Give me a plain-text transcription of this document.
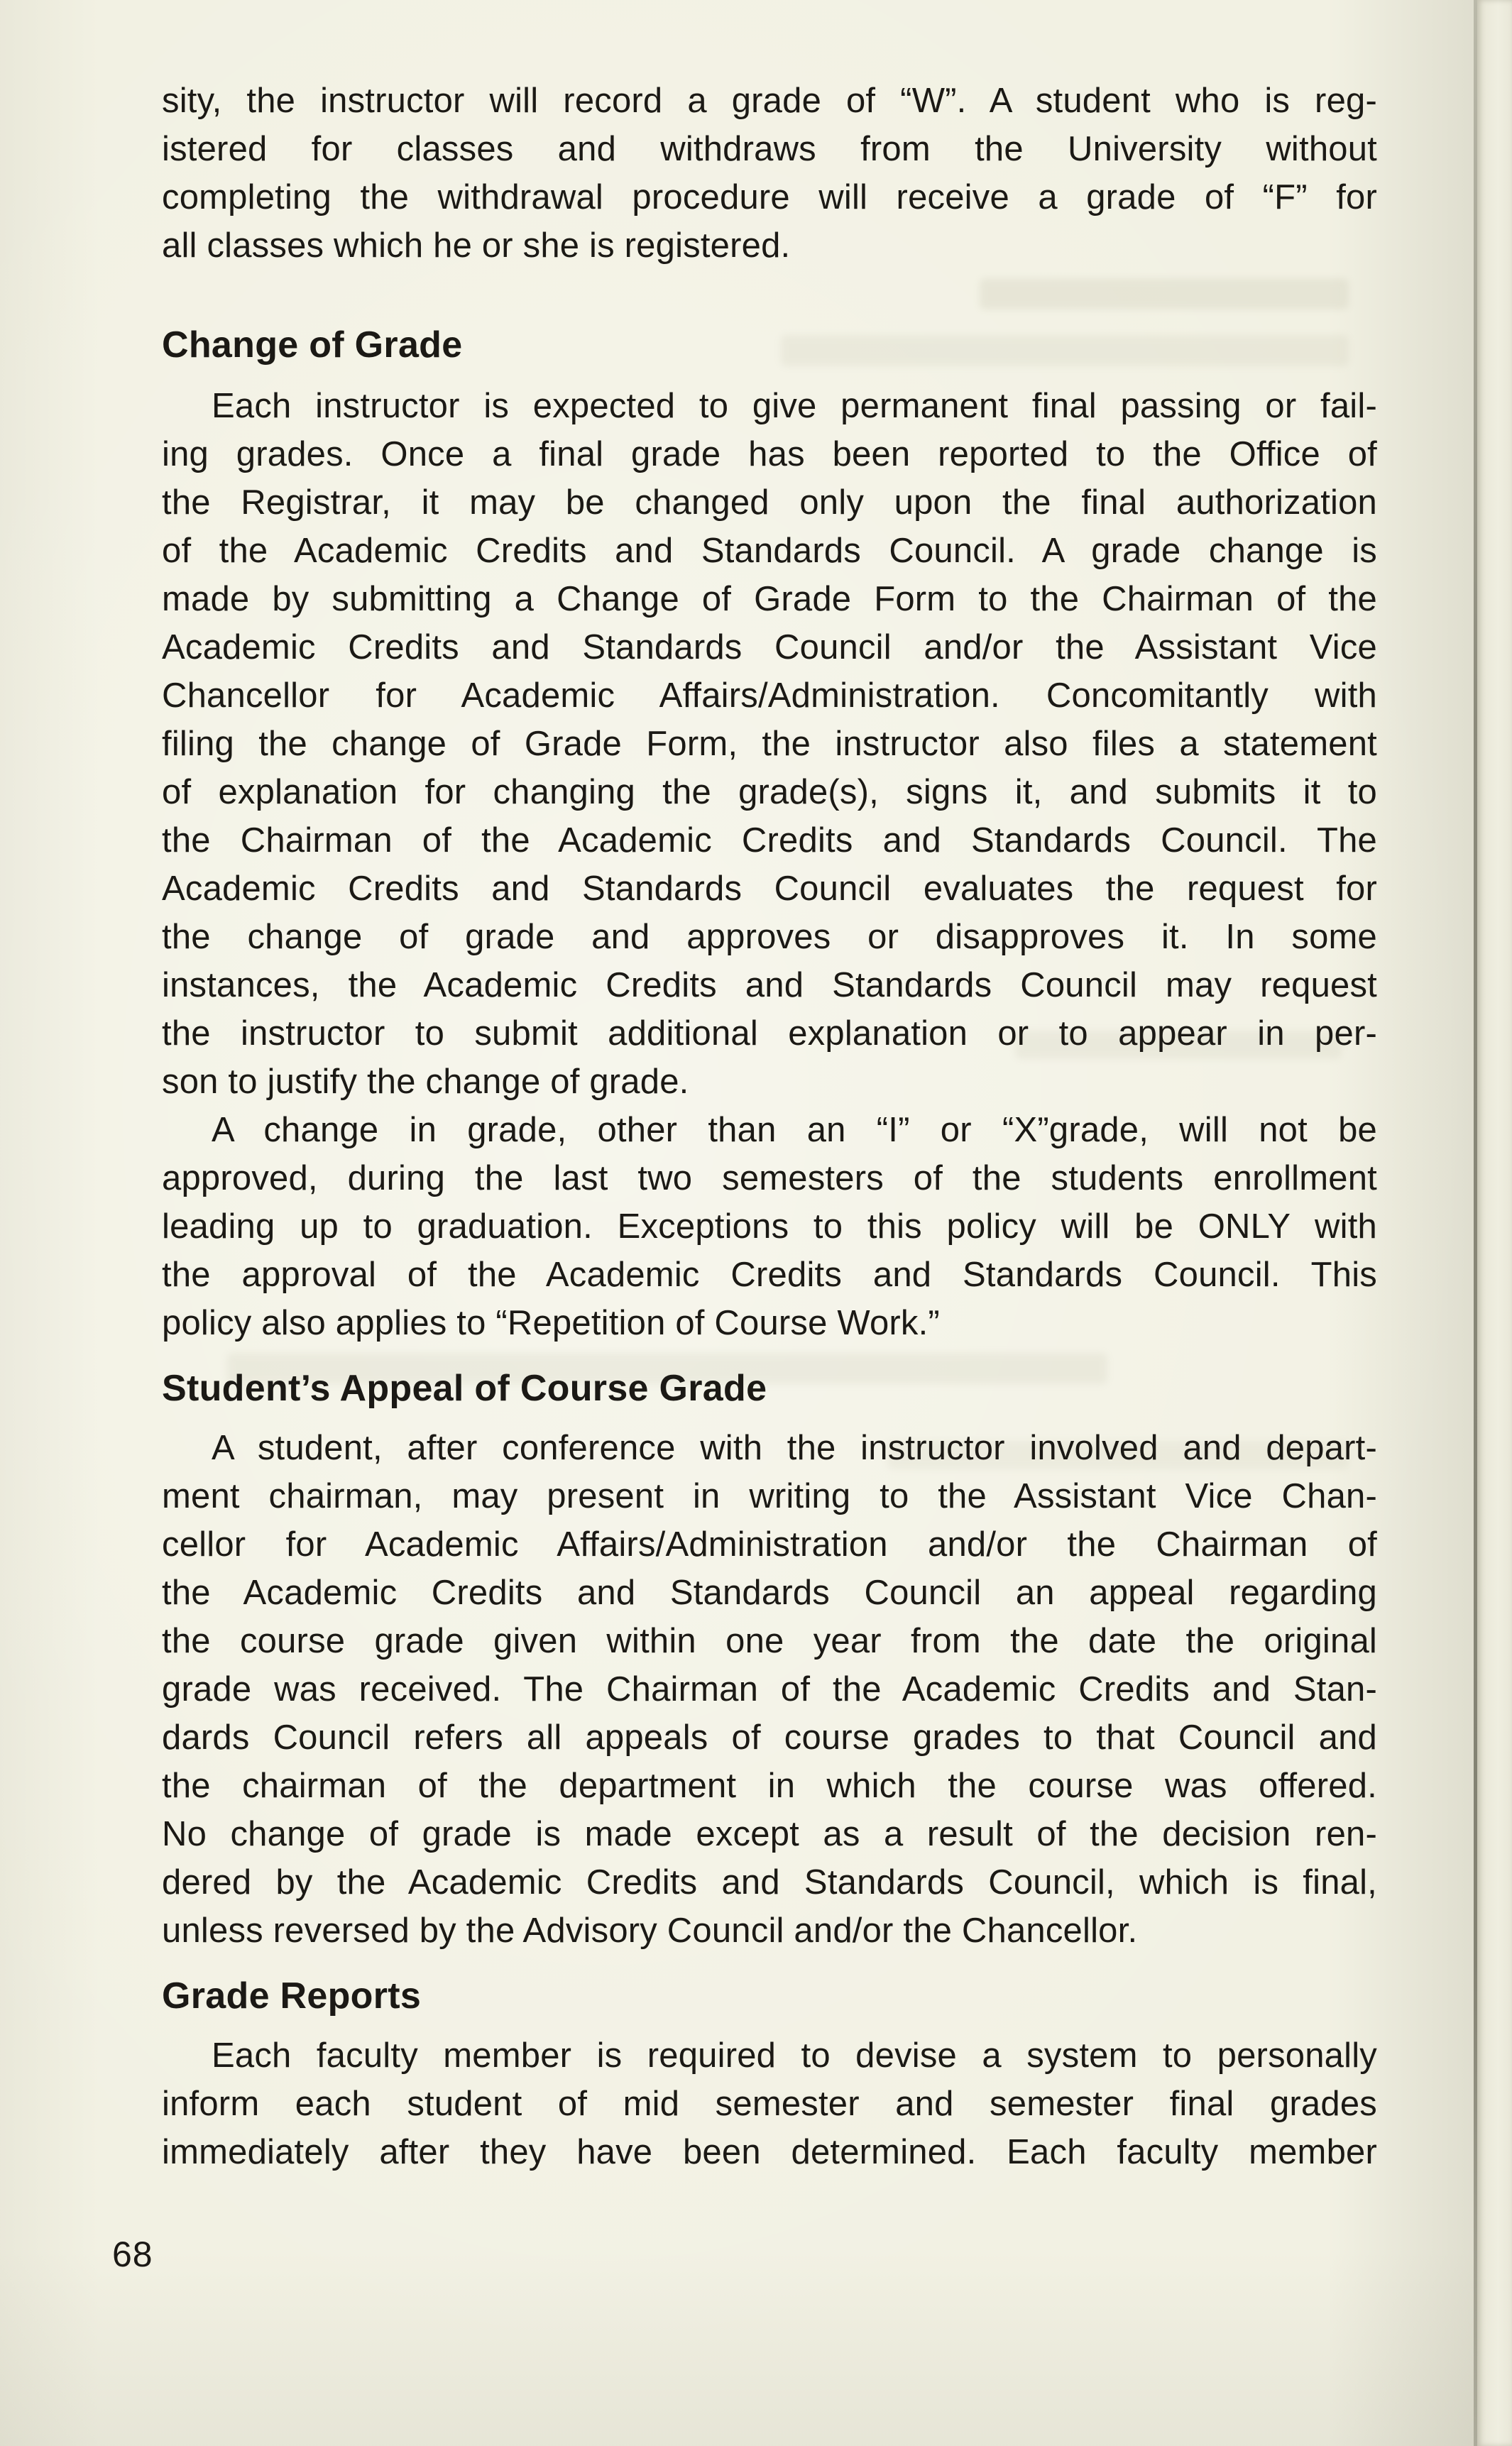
sity, the instructor will record a grade of “W”. A student who is reg-
istered for classes and withdraws from the University without
completing the withdrawal procedure will receive a grade of “F” for
all classes which he or she is registered.
Change of Grade
Each instructor is expected to give permanent final passing or fail-
ing grades. Once a final grade has been reported to the Office of
the Registrar, it may be changed only upon the final authorization
of the Academic Credits and Standards Council. A grade change is
made by submitting a Change of Grade Form to the Chairman of the
Academic Credits and Standards Council and/or the Assistant Vice
Chancellor for Academic Affairs/Administration. Concomitantly with
filing the change of Grade Form, the instructor also files a statement
of explanation for changing the grade(s), signs it, and submits it to
the Chairman of the Academic Credits and Standards Council. The
Academic Credits and Standards Council evaluates the request for
the change of grade and approves or disapproves it. In some
instances, the Academic Credits and Standards Council may request
the instructor to submit additional explanation or to appear in per-
son to justify the change of grade.
A change in grade, other than an “I” or “X”grade, will not be
approved, during the last two semesters of the students enrollment
leading up to graduation. Exceptions to this policy will be ONLY with
the approval of the Academic Credits and Standards Council. This
policy also applies to “Repetition of Course Work.”
Student’s Appeal of Course Grade
A student, after conference with the instructor involved and depart-
ment chairman, may present in writing to the Assistant Vice Chan-
cellor for Academic Affairs/Administration and/or the Chairman of
the Academic Credits and Standards Council an appeal regarding
the course grade given within one year from the date the original
grade was received. The Chairman of the Academic Credits and Stan-
dards Council refers all appeals of course grades to that Council and
the chairman of the department in which the course was offered.
No change of grade is made except as a result of the decision ren-
dered by the Academic Credits and Standards Council, which is final,
unless reversed by the Advisory Council and/or the Chancellor.
Grade Reports
Each faculty member is required to devise a system to personally
inform each student of mid semester and semester final grades
immediately after they have been determined. Each faculty member
68
